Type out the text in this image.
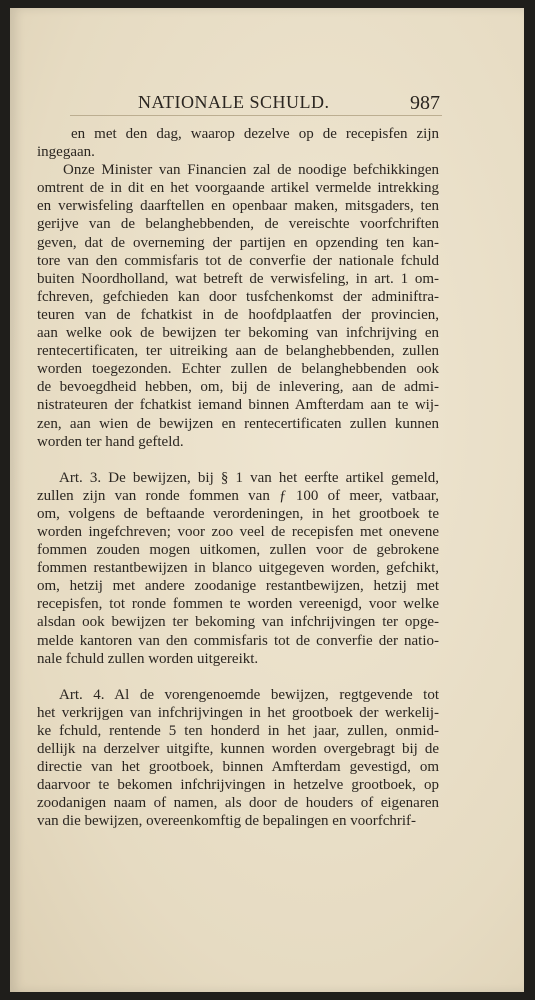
NATIONALE SCHULD.	987
en met den dag, waarop dezelve op de recepisfen zijn
ingegaan.
Onze Minister van Financien zal de noodige befchikkingen
omtrent de in dit en het voorgaande artikel vermelde intrekking
en verwisfeling daarftellen en openbaar maken, mitsgaders, ten
gerijve van de belanghebbenden, de vereischte voorfchriften
geven, dat de overneming der partijen en opzending ten kan-
tore van den commisfaris tot de converfie der nationale fchuld
buiten Noordholland, wat betreft de verwisfeling, in art. 1 om-
fchreven, gefchieden kan door tusfchenkomst der adminiftra-
teuren van de fchatkist in de hoofdplaatfen der provincien,
aan welke ook de bewijzen ter bekoming van infchrijving en
rentecertificaten, ter uitreiking aan de belanghebbenden, zullen
worden toegezonden. Echter zullen de belanghebbenden ook
de bevoegdheid hebben, om, bij de inlevering, aan de admi-
nistrateuren der fchatkist iemand binnen Amfterdam aan te wij-
zen, aan wien de bewijzen en rentecertificaten zullen kunnen
worden ter hand gefteld.
Art. 3. De bewijzen, bij § 1 van het eerfte artikel gemeld,
zullen zijn van ronde fommen van ƒ 100 of meer, vatbaar,
om, volgens de beftaande verordeningen, in het grootboek te
worden ingefchreven; voor zoo veel de recepisfen met onevene
fommen zouden mogen uitkomen, zullen voor de gebrokene
fommen restantbewijzen in blanco uitgegeven worden, gefchikt,
om, hetzij met andere zoodanige restantbewijzen, hetzij met
recepisfen, tot ronde fommen te worden vereenigd, voor welke
alsdan ook bewijzen ter bekoming van infchrijvingen ter opge-
melde kantoren van den commisfaris tot de converfie der natio-
nale fchuld zullen worden uitgereikt.
Art. 4. Al de vorengenoemde bewijzen, regtgevende tot
het verkrijgen van infchrijvingen in het grootboek der werkelij-
ke fchuld, rentende 5 ten honderd in het jaar, zullen, onmid-
dellijk na derzelver uitgifte, kunnen worden overgebragt bij de
directie van het grootboek, binnen Amfterdam gevestigd, om
daarvoor te bekomen infchrijvingen in hetzelve grootboek, op
zoodanigen naam of namen, als door de houders of eigenaren
van die bewijzen, overeenkomftig de bepalingen en voorfchrif-
